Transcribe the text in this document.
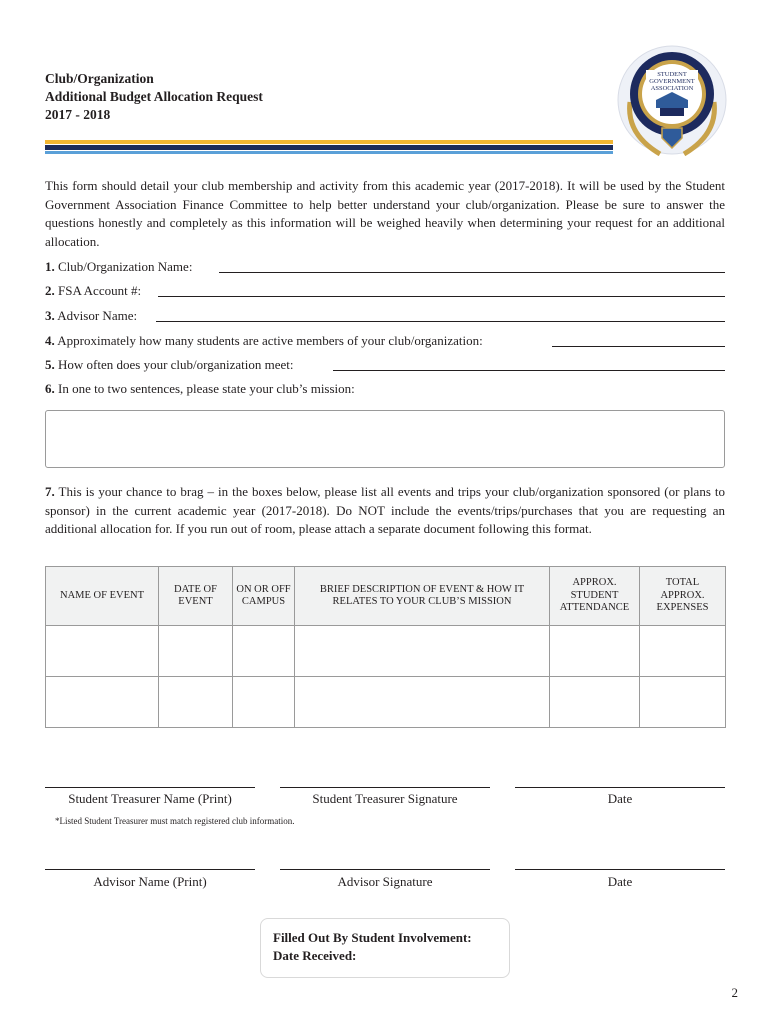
Club/Organization
Additional Budget Allocation Request
2017 - 2018
STUDENT
GOVERNMENT
ASSOCIATION
This form should detail your club membership and activity from this academic year (2017-2018). It will be used by the Student Government Association Finance Committee to help better understand your club/organization. Please be sure to answer the questions honestly and completely as this information will be weighed heavily when determining your request for an additional allocation.
1. Club/Organization Name:
2. FSA Account #:
3. Advisor Name:
4. Approximately how many students are active members of your club/organization:
5. How often does your club/organization meet:
6. In one to two sentences, please state your club’s mission:
7. This is your chance to brag – in the boxes below, please list all events and trips your club/organization sponsored (or plans to sponsor) in the current academic year (2017-2018). Do NOT include the events/trips/purchases that you are requesting an additional allocation for. If you run out of room, please attach a separate document following this format.
NAME OF EVENT	DATE OF EVENT	ON OR OFF CAMPUS	BRIEF DESCRIPTION OF EVENT & HOW IT RELATES TO YOUR CLUB’S MISSION	APPROX. STUDENT ATTENDANCE	TOTAL APPROX. EXPENSES

Student Treasurer Name (Print)	Student Treasurer Signature	Date
*Listed Student Treasurer must match registered club information.
Advisor Name (Print)	Advisor Signature	Date
Filled Out By Student Involvement:
Date Received:
2
